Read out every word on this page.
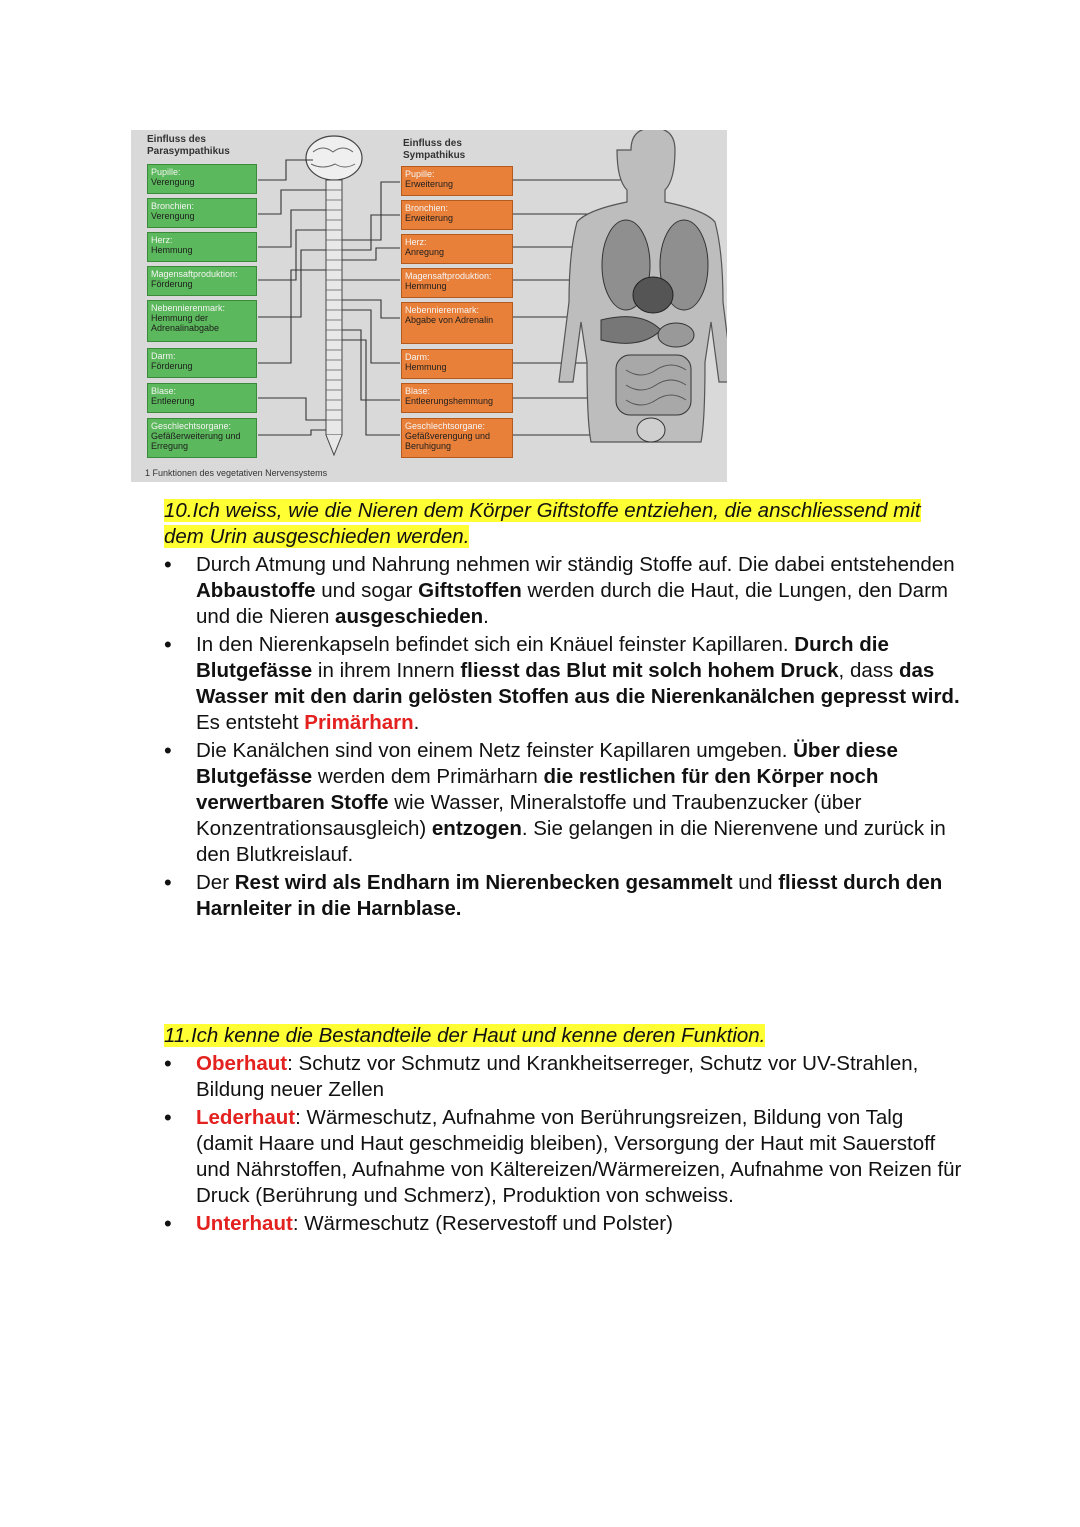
Einfluss des Parasympathikus
Einfluss des Sympathikus
Pupille:
Verengung
Bronchien:
Verengung
Herz:
Hemmung
Magensaftproduktion:
Förderung
Nebennierenmark:
Hemmung der Adrenalinabgabe
Darm:
Förderung
Blase:
Entleerung
Geschlechtsorgane:
Gefäßerweiterung und Erregung
Pupille:
Erweiterung
Bronchien:
Erweiterung
Herz:
Anregung
Magensaftproduktion:
Hemmung
Nebennierenmark:
Abgabe von Adrenalin
Darm:
Hemmung
Blase:
Entleerungshemmung
Geschlechtsorgane:
Gefäßverengung und Beruhigung
1 Funktionen des vegetativen Nervensystems
10.Ich weiss, wie die Nieren dem Körper Giftstoffe entziehen, die anschliessend mit dem Urin ausgeschieden werden.
• Durch Atmung und Nahrung nehmen wir ständig Stoffe auf. Die dabei entstehenden Abbaustoffe und sogar Giftstoffen werden durch die Haut, die Lungen, den Darm und die Nieren ausgeschieden.
• In den Nierenkapseln befindet sich ein Knäuel feinster Kapillaren. Durch die Blutgefässe in ihrem Innern fliesst das Blut mit solch hohem Druck, dass das Wasser mit den darin gelösten Stoffen aus die Nierenkanälchen gepresst wird. Es entsteht Primärharn.
• Die Kanälchen sind von einem Netz feinster Kapillaren umgeben. Über diese Blutgefässe werden dem Primärharn die restlichen für den Körper noch verwertbaren Stoffe wie Wasser, Mineralstoffe und Traubenzucker (über Konzentrationsausgleich) entzogen. Sie gelangen in die Nierenvene und zurück in den Blutkreislauf.
• Der Rest wird als Endharn im Nierenbecken gesammelt und fliesst durch den Harnleiter in die Harnblase.
11.Ich kenne die Bestandteile der Haut und kenne deren Funktion.
• Oberhaut: Schutz vor Schmutz und Krankheitserreger, Schutz vor UV-Strahlen, Bildung neuer Zellen
• Lederhaut: Wärmeschutz, Aufnahme von Berührungsreizen, Bildung von Talg (damit Haare und Haut geschmeidig bleiben), Versorgung der Haut mit Sauerstoff und Nährstoffen, Aufnahme von Kältereizen/Wärmereizen, Aufnahme von Reizen für Druck (Berührung und Schmerz), Produktion von schweiss.
• Unterhaut: Wärmeschutz (Reservestoff und Polster)
